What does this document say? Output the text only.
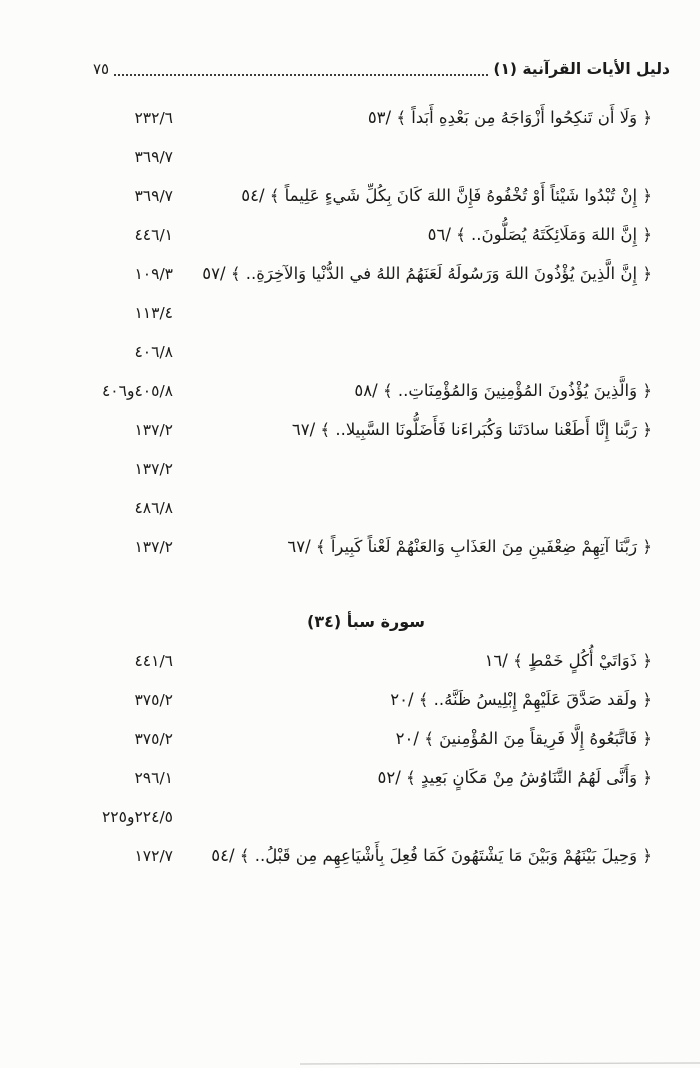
دليل الأيات القرآنية (١)
٧٥
٢٣٢/٦	﴿ وَلَا أَن تَنكِحُوا أَزْوَاجَهُ مِن بَعْدِهِ أَبَداً ﴾ /٥٣
٣٦٩/٧
٣٦٩/٧	﴿ إِنْ تُبْدُوا شَيْئاً أَوْ تُخْفُوهُ فَإِنَّ اللهَ كَانَ بِكُلِّ شَيءٍ عَلِيماً ﴾ /٥٤
٤٤٦/١	﴿ إِنَّ اللهَ وَمَلَائِكَتَهُ يُصَلُّونَ.. ﴾ /٥٦
١٠٩/٣ ﴿ إِنَّ الَّذِينَ يُؤْذُونَ اللهَ وَرَسُولَهُ لَعَنَهُمُ اللهُ في الدُّنْيا وَالآخِرَةِ.. ﴾ /٥٧
١١٣/٤
٤٠٦/٨
٤٠٥/٨و٤٠٦	﴿ وَالَّذِينَ يُؤْذُونَ المُؤْمِنِينَ وَالمُؤْمِنَاتِ.. ﴾ /٥٨
١٣٧/٢	﴿ رَبَّنا إِنَّا أَطَعْنا سادَتَنا وَكُبَراءَنا فَأَضَلُّونَا السَّبِيلا.. ﴾ /٦٧
١٣٧/٢
٤٨٦/٨
١٣٧/٢	﴿ رَبَّنَا آتِهِمْ ضِعْفَينِ مِنَ العَذَابِ وَالعَنْهُمْ لَعْناً كَبِيراً ﴾ /٦٧
سورة سبأ (٣٤)
٤٤١/٦	﴿ ذَوَاتَيْ أُكُلٍ خَمْطٍ ﴾ /١٦
٣٧٥/٢	﴿ ولَقد صَدَّقَ عَلَيْهِمْ إِبْلِيسُ ظَنَّهُ.. ﴾ /٢٠
٣٧٥/٢	﴿ فَاتَّبَعُوهُ إِلَّا فَرِيقاً مِنَ المُؤْمِنينَ ﴾ /٢٠
٢٩٦/١	﴿ وَأَنَّى لَهُمُ التَّنَاوُشُ مِنْ مَكَانٍ بَعِيدٍ ﴾ /٥٢
٢٢٤/٥و٢٢٥
١٧٢/٧ ﴿ وَحِيلَ بَيْنَهُمْ وَبَيْنَ مَا يَشْتَهُونَ كَمَا فُعِلَ بِأَشْيَاعِهِم مِن قَبْلُ.. ﴾ /٥٤
